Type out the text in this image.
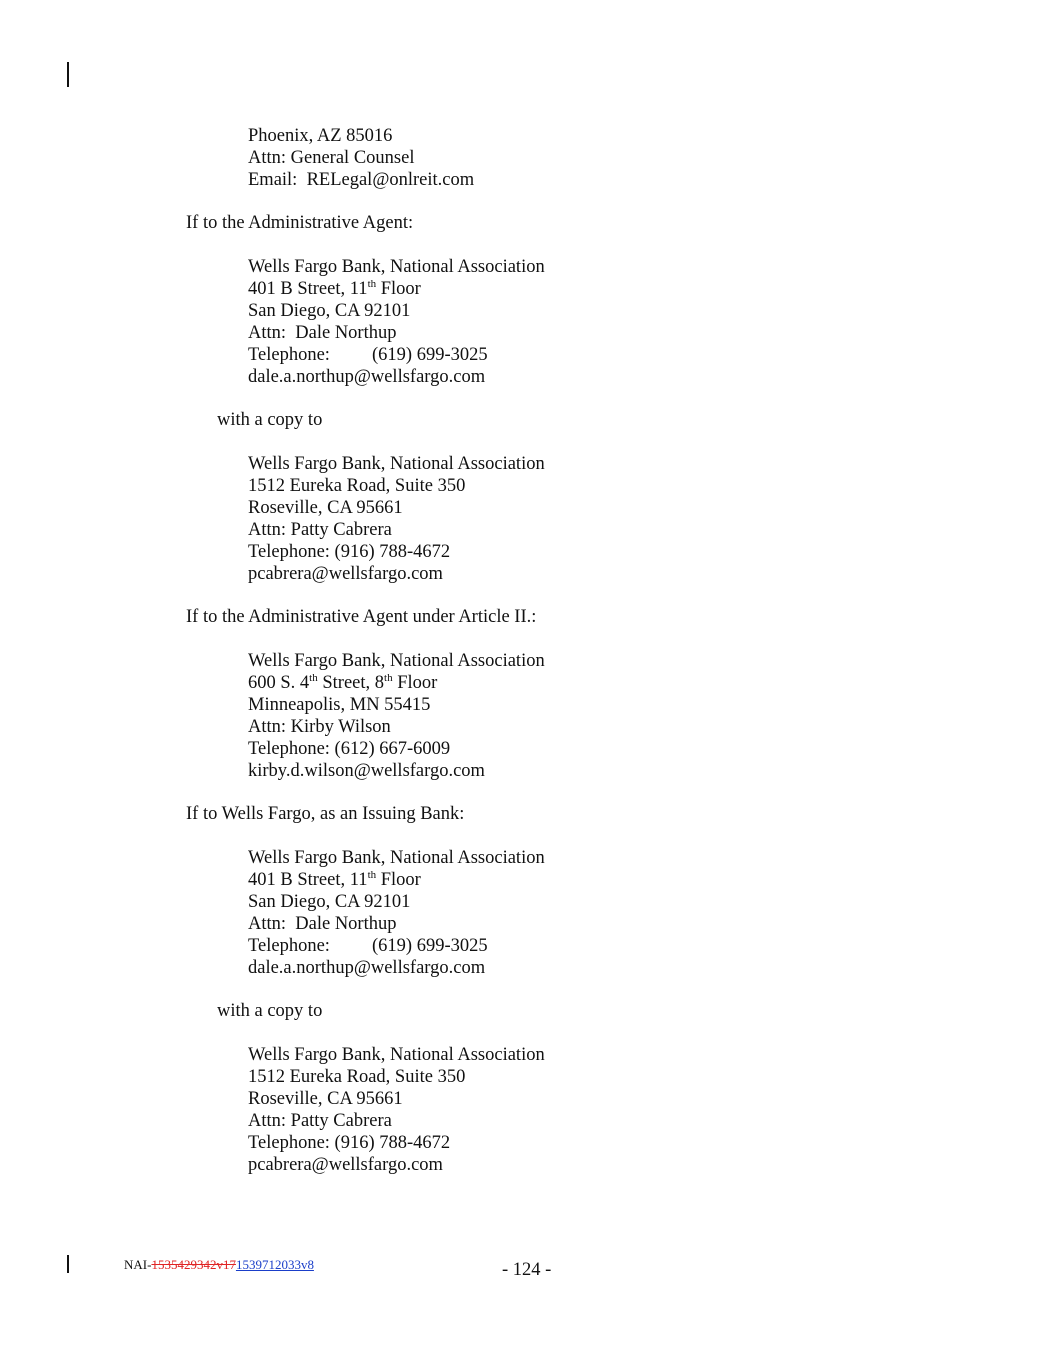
Phoenix, AZ 85016
Attn: General Counsel
Email:  RELegal@onlreit.com
If to the Administrative Agent:
Wells Fargo Bank, National Association
401 B Street, 11th Floor
San Diego, CA 92101
Attn:  Dale Northup
Telephone: (619) 699-3025
dale.a.northup@wellsfargo.com
with a copy to
Wells Fargo Bank, National Association
1512 Eureka Road, Suite 350
Roseville, CA 95661
Attn: Patty Cabrera
Telephone: (916) 788-4672
pcabrera@wellsfargo.com
If to the Administrative Agent under Article II.:
Wells Fargo Bank, National Association
600 S. 4th Street, 8th Floor
Minneapolis, MN 55415
Attn: Kirby Wilson
Telephone: (612) 667-6009
kirby.d.wilson@wellsfargo.com
If to Wells Fargo, as an Issuing Bank:
Wells Fargo Bank, National Association
401 B Street, 11th Floor
San Diego, CA 92101
Attn:  Dale Northup
Telephone: (619) 699-3025
dale.a.northup@wellsfargo.com
with a copy to
Wells Fargo Bank, National Association
1512 Eureka Road, Suite 350
Roseville, CA 95661
Attn: Patty Cabrera
Telephone: (916) 788-4672
pcabrera@wellsfargo.com
NAI-1535429342v171539712033v8	- 124 -
